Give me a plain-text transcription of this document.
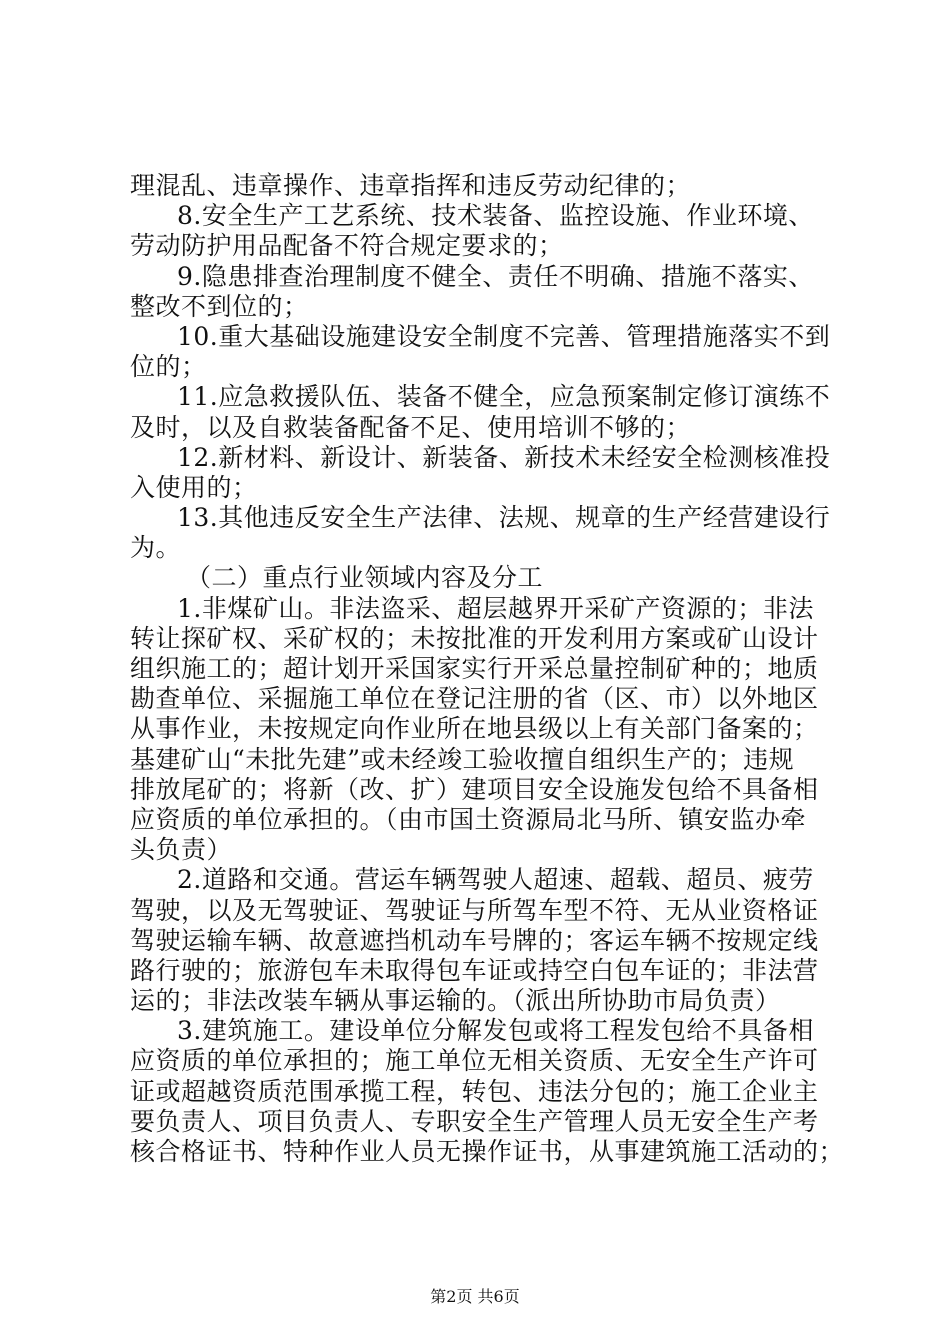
理混乱、违章操作、违章指挥和违反劳动纪律的；

8.安全生产工艺系统、技术装备、监控设施、作业环境、

劳动防护用品配备不符合规定要求的；

9.隐患排查治理制度不健全、责任不明确、措施不落实、

整改不到位的；

10.重大基础设施建设安全制度不完善、管理措施落实不到

位的；

11.应急救援队伍、装备不健全，应急预案制定修订演练不

及时，以及自救装备配备不足、使用培训不够的；

12.新材料、新设计、新装备、新技术未经安全检测核准投

入使用的；

13.其他违反安全生产法律、法规、规章的生产经营建设行

为。

（二）重点行业领域内容及分工

1.非煤矿山。非法盗采、超层越界开采矿产资源的；非法

转让探矿权、采矿权的；未按批准的开发利用方案或矿山设计

组织施工的；超计划开采国家实行开采总量控制矿种的；地质

勘查单位、采掘施工单位在登记注册的省（区、市）以外地区

从事作业，未按规定向作业所在地县级以上有关部门备案的；

基建矿山“未批先建”或未经竣工验收擅自组织生产的；违规

排放尾矿的；将新（改、扩）建项目安全设施发包给不具备相

应资质的单位承担的。（由市国土资源局北马所、镇安监办牵

头负责）

2.道路和交通。营运车辆驾驶人超速、超载、超员、疲劳

驾驶，以及无驾驶证、驾驶证与所驾车型不符、无从业资格证

驾驶运输车辆、故意遮挡机动车号牌的；客运车辆不按规定线

路行驶的；旅游包车未取得包车证或持空白包车证的；非法营

运的；非法改装车辆从事运输的。（派出所协助市局负责）

3.建筑施工。建设单位分解发包或将工程发包给不具备相

应资质的单位承担的；施工单位无相关资质、无安全生产许可

证或超越资质范围承揽工程，转包、违法分包的；施工企业主

要负责人、项目负责人、专职安全生产管理人员无安全生产考

核合格证书、特种作业人员无操作证书，从事建筑施工活动的；

第2页 共6页
